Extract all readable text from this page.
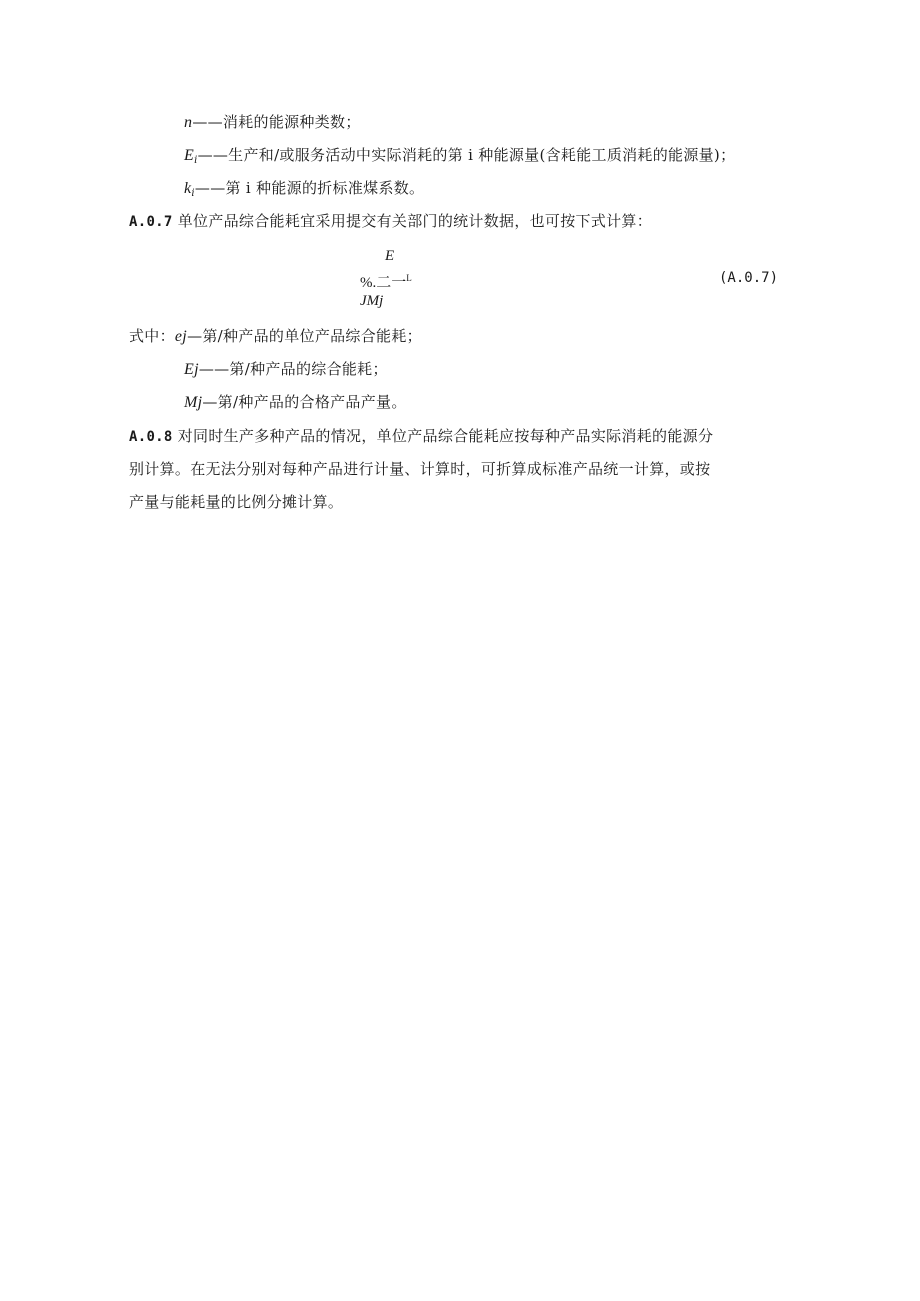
n——消耗的能源种类数；
$E_i——$生产和/或服务活动中实际消耗的第 i 种能源量(含耗能工质消耗的能源量)；
$k_i——$第 i 种能源的折标准煤系数。
A.0.7 单位产品综合能耗宜采用提交有关部门的统计数据，也可按下式计算：
E
%.二一$^L$
JMj
(A.0.7)
式中：ej—第/种产品的单位产品综合能耗；
Ej——第/种产品的综合能耗；
Mj—第/种产品的合格产品产量。
A.0.8 对同时生产多种产品的情况，单位产品综合能耗应按每种产品实际消耗的能源分
别计算。在无法分别对每种产品进行计量、计算时，可折算成标准产品统一计算，或按
产量与能耗量的比例分摊计算。
